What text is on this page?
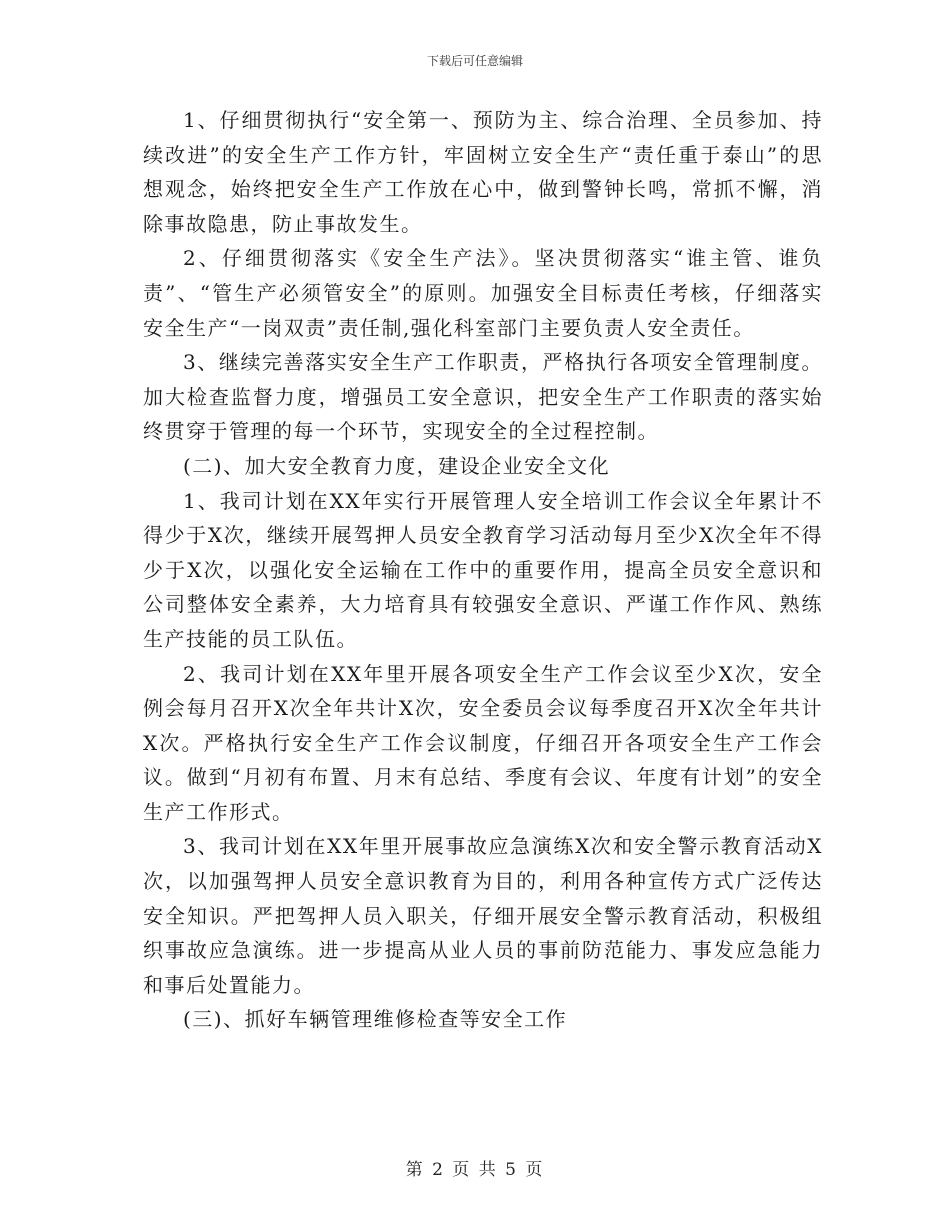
下载后可任意编辑

1、仔细贯彻执行“安全第一、预防为主、综合治理、全员参加、持续改进”的安全生产工作方针，牢固树立安全生产“责任重于泰山”的思想观念，始终把安全生产工作放在心中，做到警钟长鸣，常抓不懈，消除事故隐患，防止事故发生。

2、仔细贯彻落实《安全生产法》。坚决贯彻落实“谁主管、谁负责”、“管生产必须管安全”的原则。加强安全目标责任考核，仔细落实安全生产“一岗双责”责任制,强化科室部门主要负责人安全责任。

3、继续完善落实安全生产工作职责，严格执行各项安全管理制度。加大检查监督力度，增强员工安全意识，把安全生产工作职责的落实始终贯穿于管理的每一个环节，实现安全的全过程控制。

(二)、加大安全教育力度，建设企业安全文化

1、我司计划在XX年实行开展管理人安全培训工作会议全年累计不得少于X次，继续开展驾押人员安全教育学习活动每月至少X次全年不得少于X次，以强化安全运输在工作中的重要作用，提高全员安全意识和公司整体安全素养，大力培育具有较强安全意识、严谨工作作风、熟练生产技能的员工队伍。

2、我司计划在XX年里开展各项安全生产工作会议至少X次，安全例会每月召开X次全年共计X次，安全委员会议每季度召开X次全年共计X次。严格执行安全生产工作会议制度，仔细召开各项安全生产工作会议。做到“月初有布置、月末有总结、季度有会议、年度有计划”的安全生产工作形式。

3、我司计划在XX年里开展事故应急演练X次和安全警示教育活动X次，以加强驾押人员安全意识教育为目的，利用各种宣传方式广泛传达安全知识。严把驾押人员入职关，仔细开展安全警示教育活动，积极组织事故应急演练。进一步提高从业人员的事前防范能力、事发应急能力和事后处置能力。

(三)、抓好车辆管理维修检查等安全工作

第 2 页 共 5 页
